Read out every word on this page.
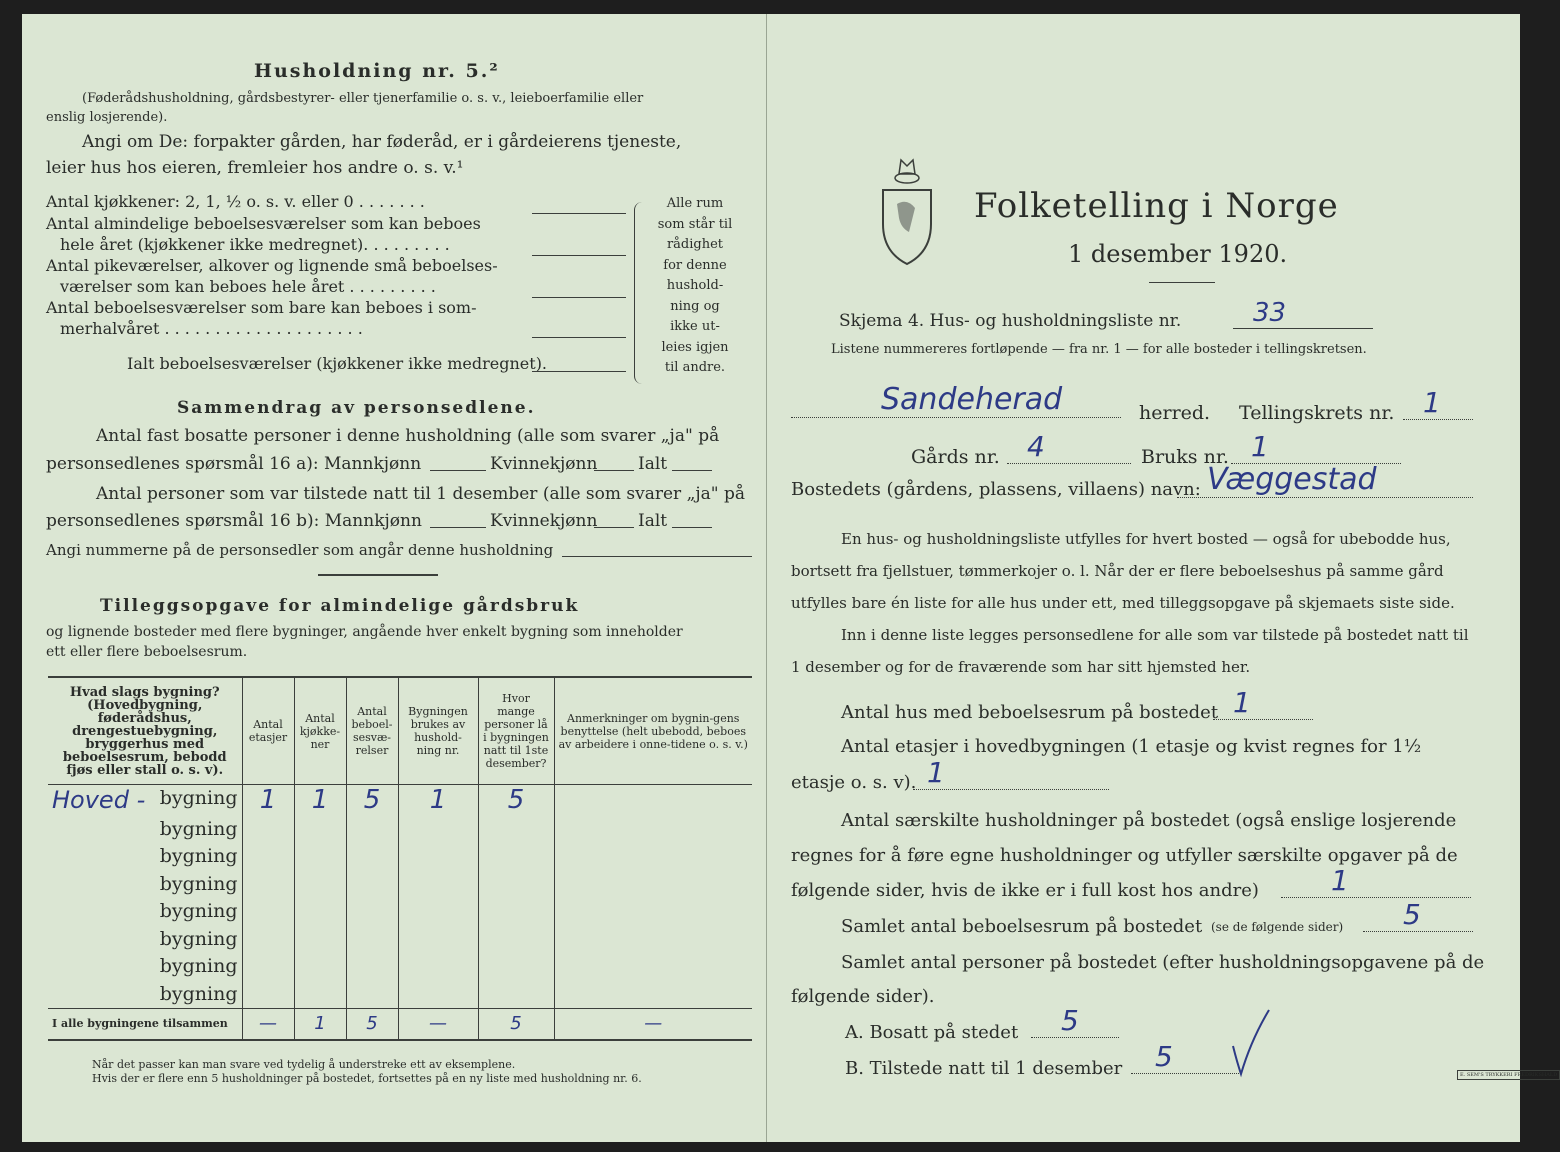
Husholdning nr. 5.²
(Føderådshusholdning, gårdsbestyrer- eller tjenerfamilie o. s. v., leieboerfamilie eller
enslig losjerende).
Angi om De: forpakter gården, har føderåd, er i gårdeierens tjeneste,
leier hus hos eieren, fremleier hos andre o. s. v.¹
Antal kjøkkener: 2, 1, ½ o. s. v. eller 0 . . . . . . .
Antal almindelige beboelsesværelser som kan beboes
hele året (kjøkkener ikke medregnet). . . . . . . . .
Antal pikeværelser, alkover og lignende små beboelses-
værelser som kan beboes hele året . . . . . . . . .
Antal beboelsesværelser som bare kan beboes i som-
merhalvåret . . . . . . . . . . . . . . . . . . . .
Ialt beboelsesværelser (kjøkkener ikke medregnet).
Alle rum
som står til
rådighet
for denne
hushold-
ning og
ikke ut-
leies igjen
til andre.
Sammendrag av personsedlene.
Antal fast bosatte personer i denne husholdning (alle som svarer „ja" på
personsedlenes spørsmål 16 a): Mannkjønn	Kvinnekjønn Ialt
Antal personer som var tilstede natt til 1 desember (alle som svarer „ja" på
personsedlenes spørsmål 16 b): Mannkjønn	Kvinnekjønn Ialt
Angi nummerne på de personsedler som angår denne husholdning
Tilleggsopgave for almindelige gårdsbruk
og lignende bosteder med flere bygninger, angående hver enkelt bygning som inneholder
ett eller flere beboelsesrum.
Hvad slags bygning? (Hovedbygning, føderådshus, drengestuebygning, bryggerhus med beboelsesrum, bebodd fjøs eller stall o. s. v).	Antal etasjer	Antal kjøkke-ner	Antal beboel-sesvæ-relser	Bygningen brukes av hushold-ning nr.	Hvor mange personer lå i bygningen natt til 1ste desember?	Anmerkninger om bygnin-gens benyttelse (helt ubebodd, beboes av arbeidere i onne-tidene o. s. v.)

Hoved - bygning	1	1	5	1	5	

bygning						

bygning						

bygning						

bygning						

bygning						

bygning						

bygning						
I alle bygningene tilsammen	—	1	5	—	5	—
Når det passer kan man svare ved tydelig å understreke ett av eksemplene.
Hvis der er flere enn 5 husholdninger på bostedet, fortsettes på en ny liste med husholdning nr. 6.
Folketelling i Norge
1 desember 1920.
Skjema 4. Hus- og husholdningsliste nr.	33
Listene nummereres fortløpende — fra nr. 1 — for alle bosteder i tellingskretsen.
Sandeherad	herred. Tellingskrets nr.	1
Gårds nr. 4	Bruks nr. 1
Bostedets (gårdens, plassens, villaens) navn: Væggestad
En hus- og husholdningsliste utfylles for hvert bosted — også for ubebodde hus,
bortsett fra fjellstuer, tømmerkojer o. l. Når der er flere beboelseshus på samme gård
utfylles bare én liste for alle hus under ett, med tilleggsopgave på skjemaets siste side.
Inn i denne liste legges personsedlene for alle som var tilstede på bostedet natt til
1 desember og for de fraværende som har sitt hjemsted her.
Antal hus med beboelsesrum på bostedet 1
Antal etasjer i hovedbygningen (1 etasje og kvist regnes for 1½
etasje o. s. v). 1
Antal særskilte husholdninger på bostedet (også enslige losjerende
regnes for å føre egne husholdninger og utfyller særskilte opgaver på de
følgende sider, hvis de ikke er i full kost hos andre)	1
Samlet antal beboelsesrum på bostedet (se de følgende sider)	5
Samlet antal personer på bostedet (efter husholdningsopgavene på de
følgende sider).
A. Bosatt på stedet	5
B. Tilstede natt til 1 desember	5
E. SEM'S TRYKKERI FREDRIKSHALD
